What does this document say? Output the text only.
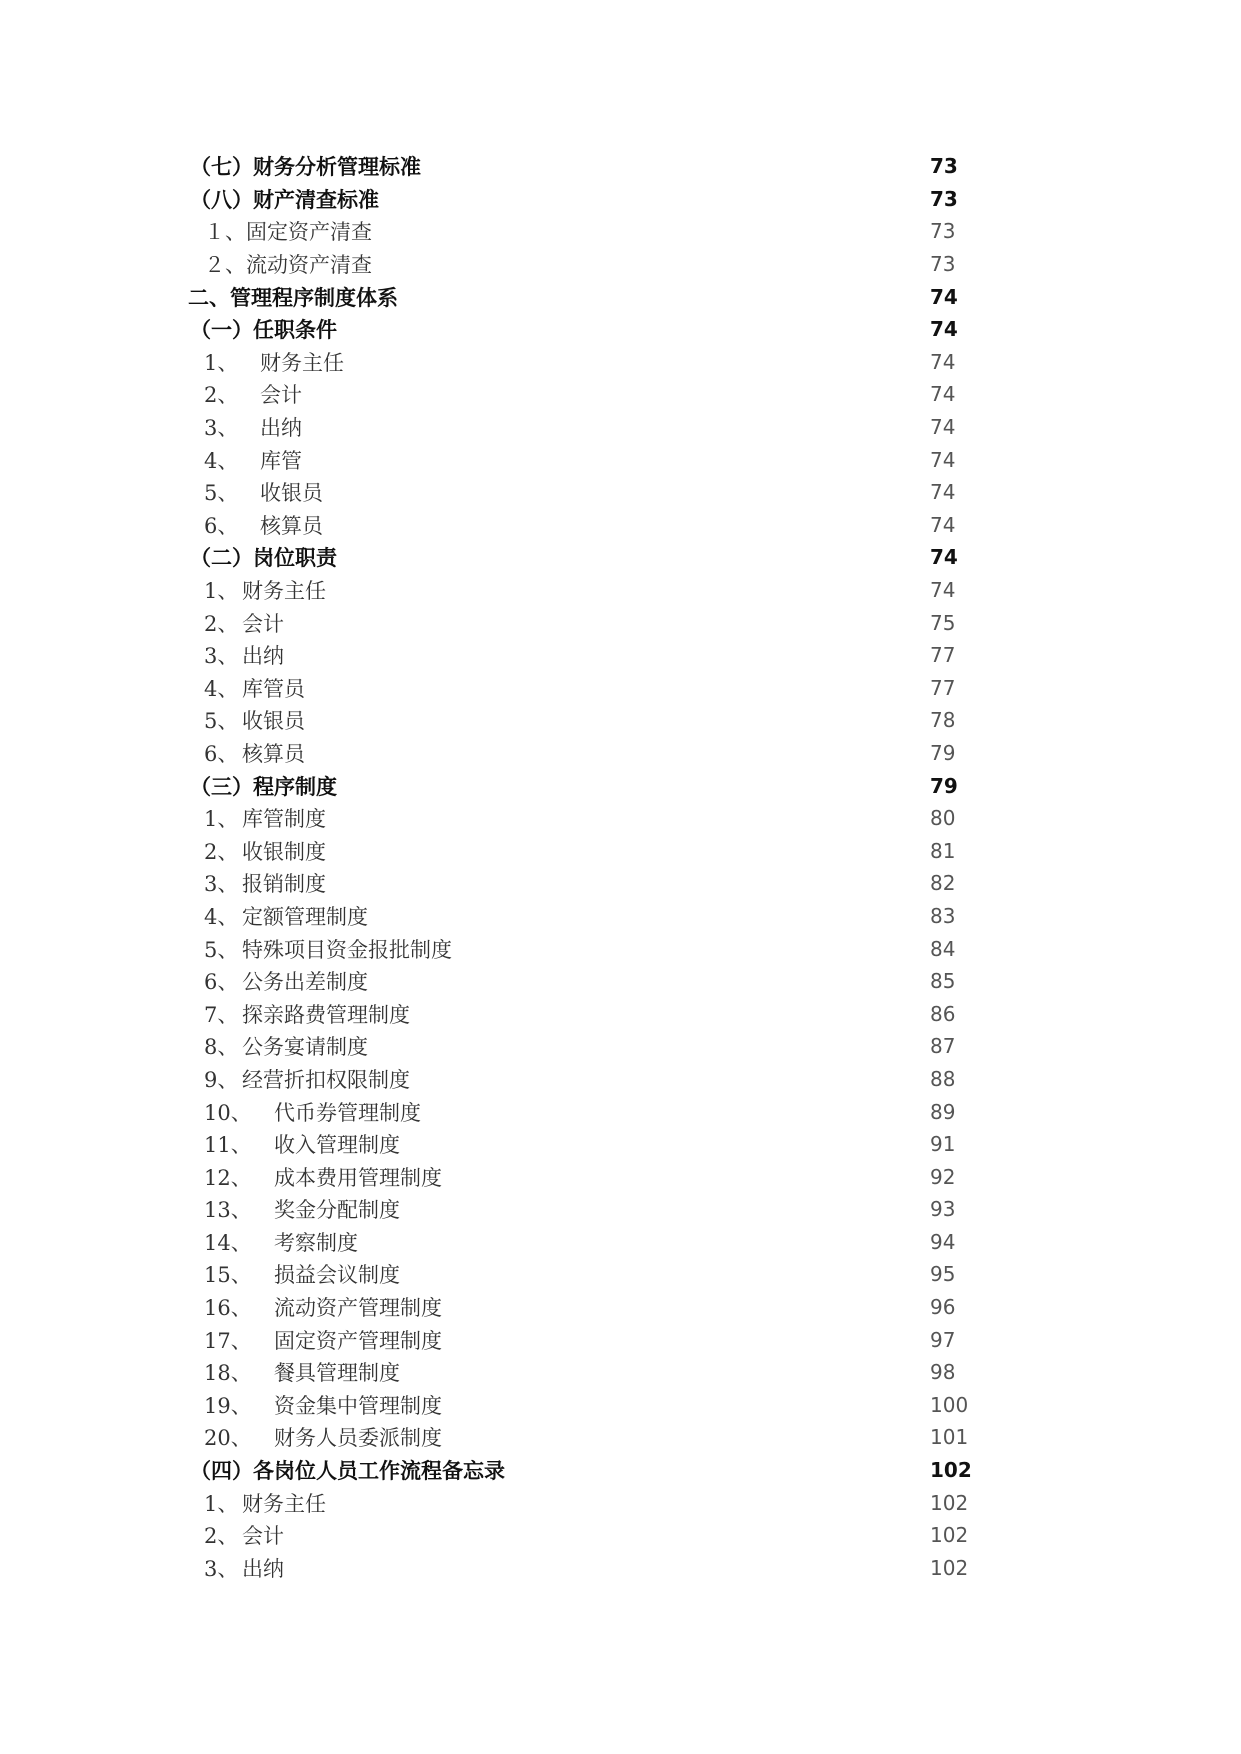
（七） 财务分析管理标准	73
（八） 财产清查标准	73
１、 固定资产清查	73
２、 流动资产清查	73
二、 管理程序制度体系	74
（一） 任职条件	74
1、	财务主任	74
2、	会计	74
3、	出纳	74
4、	库管	74
5、	收银员	74
6、	核算员	74
（二） 岗位职责	74
1、 财务主任	74
2、 会计	75
3、 出纳	77
4、 库管员	77
5、 收银员	78
6、 核算员	79
（三） 程序制度	79
1、 库管制度	80
2、 收银制度	81
3、 报销制度	82
4、 定额管理制度	83
5、 特殊项目资金报批制度	84
6、 公务出差制度	85
7、 探亲路费管理制度	86
8、 公务宴请制度	87
9、 经营折扣权限制度	88
10、	代币券管理制度	89
11、	收入管理制度	91
12、	成本费用管理制度	92
13、	奖金分配制度	93
14、	考察制度	94
15、	损益会议制度	95
16、	流动资产管理制度	96
17、	固定资产管理制度	97
18、	餐具管理制度	98
19、	资金集中管理制度	100
20、	财务人员委派制度	101
（四） 各岗位人员工作流程备忘录	102
1、 财务主任	102
2、 会计	102
3、 出纳	102
